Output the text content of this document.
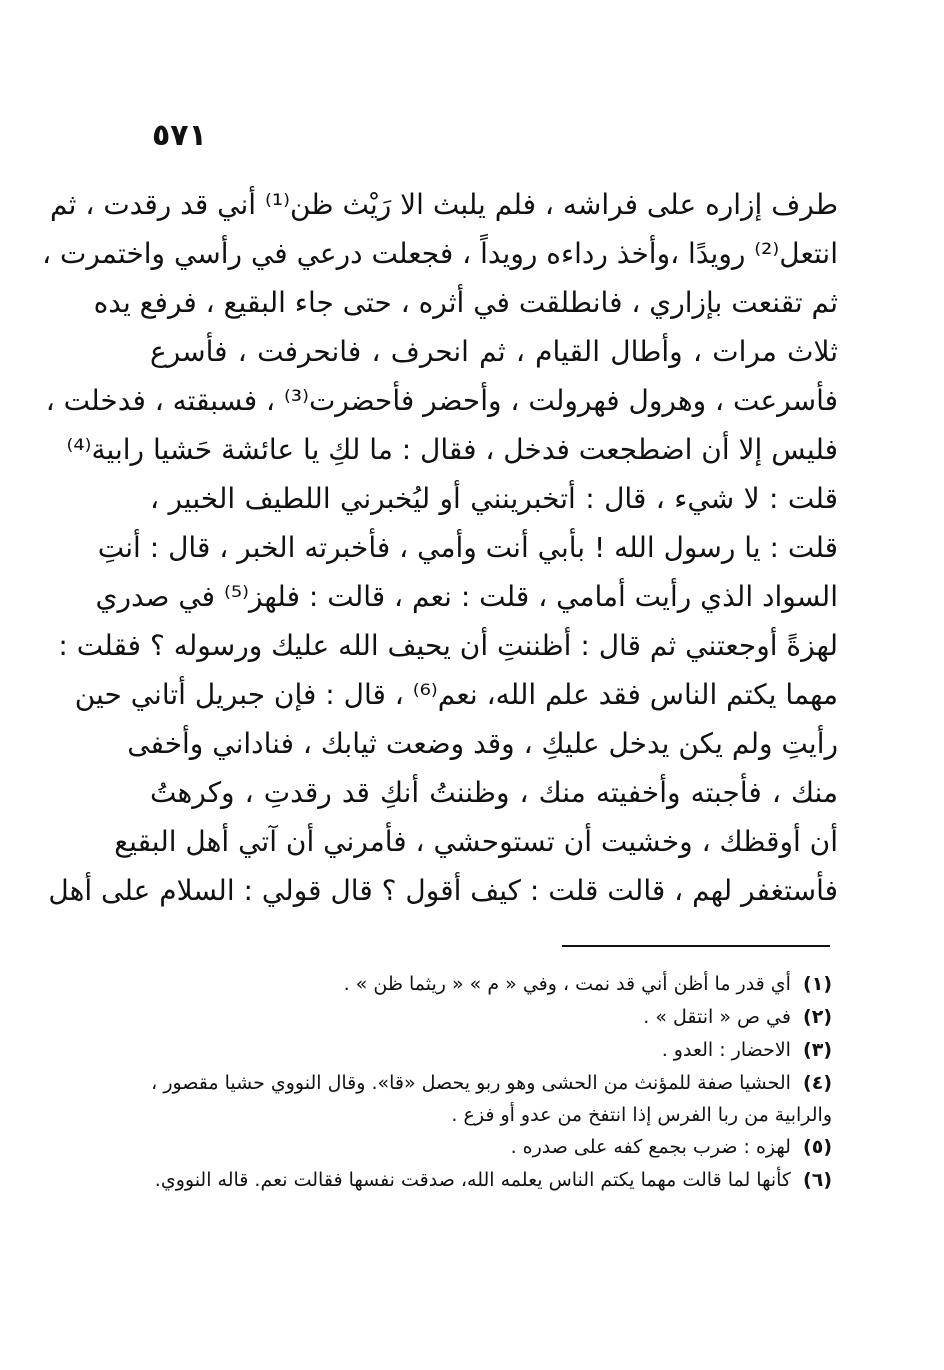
٥٧١
طرف إزاره على فراشه ، فلم يلبث الا رَيْث ظن⁽¹⁾ أني قد رقدت ، ثم
انتعل⁽²⁾ رويدًا ،وأخذ رداءه رويداً ، فجعلت درعي في رأسي واختمرت ،
ثم تقنعت بإزاري ، فانطلقت في أثره ، حتى جاء البقيع ، فرفع يده
ثلاث مرات ، وأطال القيام ، ثم انحرف ، فانحرفت ، فأسرع
فأسرعت ، وهرول فهرولت ، وأحضر فأحضرت⁽³⁾ ، فسبقته ، فدخلت ،
فليس إلا أن اضطجعت فدخل ، فقال : ما لكِ يا عائشة حَشيا رابية⁽⁴⁾
قلت : لا شيء ، قال : أتخبرينني أو ليُخبرني اللطيف الخبير ،
قلت : يا رسول الله ! بأبي أنت وأمي ، فأخبرته الخبر ، قال : أنتِ
السواد الذي رأيت أمامي ، قلت : نعم ، قالت : فلهز⁽⁵⁾ في صدري
لهزةً أوجعتني ثم قال : أظننتِ أن يحيف الله عليك ورسوله ؟ فقلت :
مهما يكتم الناس فقد علم الله، نعم⁽⁶⁾ ، قال : فإن جبريل أتاني حين
رأيتِ ولم يكن يدخل عليكِ ، وقد وضعت ثيابك ، فناداني وأخفى
منك ، فأجبته وأخفيته منك ، وظننتُ أنكِ قد رقدتِ ، وكرهتُ
أن أوقظك ، وخشيت أن تستوحشي ، فأمرني أن آتي أهل البقيع
فأستغفر لهم ، قالت قلت : كيف أقول ؟ قال قولي : السلام على أهل
(١) أي قدر ما أظن أني قد نمت ، وفي « م » « ريثما ظن » .
(٢) في ص « انتقل » .
(٣) الاحضار : العدو .
(٤) الحشيا صفة للمؤنث من الحشى وهو ربو يحصل «قا». وقال النووي حشيا مقصور ،
والرابية من ربا الفرس إذا انتفخ من عدو أو فزع .
(٥) لهزه : ضرب بجمع كفه على صدره .
(٦) كأنها لما قالت مهما يكتم الناس يعلمه الله، صدقت نفسها فقالت نعم. قاله النووي.
